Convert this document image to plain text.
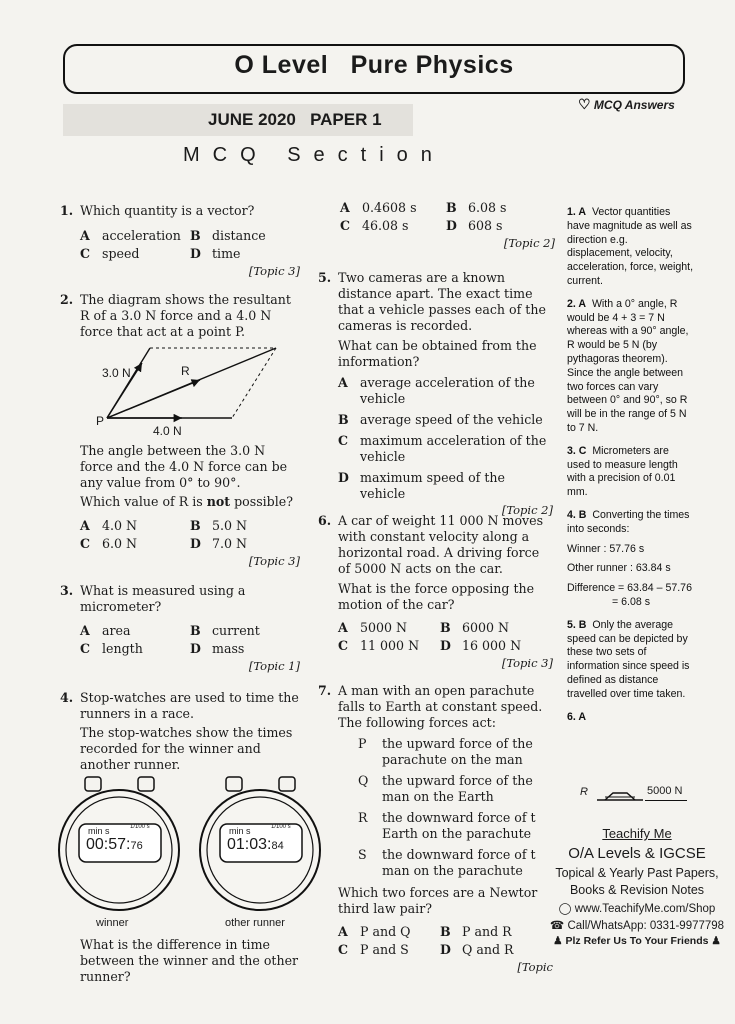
O Level Pure Physics
JUNE 2020 PAPER 1
♡ MCQ Answers
MCQ Section
1. Which quantity is a vector?
A acceleration B distance
C speed	D time
[Topic 3]
2. The diagram shows the resultant R of a 3.0 N force and a 4.0 N force that act at a point P.
3.0 N	R
P
4.0 N
The angle between the 3.0 N force and the 4.0 N force can be any value from 0° to 90°.
Which value of R is not possible?
A 4.0 N	B 5.0 N
C 6.0 N	D 7.0 N
[Topic 3]
3. What is measured using a micrometer?
A area	B current
C length	D mass
[Topic 1]
4. Stop-watches are used to time the runners in a race.
The stop-watches show the times recorded for the winner and another runner.
min s	1/100 s
00:57:76
winner
min s	1/100 s
01:03:84
other runner
What is the difference in time between the winner and the other runner?
A 0.4608 s	B 6.08 s
C 46.08 s	D 608 s
[Topic 2]
5. Two cameras are a known distance apart. The exact time that a vehicle passes each of the cameras is recorded.
What can be obtained from the information?
A average acceleration of the vehicle
B average speed of the vehicle
C maximum acceleration of the vehicle
D maximum speed of the vehicle
[Topic 2]
6. A car of weight 11 000 N moves with constant velocity along a horizontal road. A driving force of 5000 N acts on the car.
What is the force opposing the motion of the car?
A 5000 N	B 6000 N
C 11 000 N	D 16 000 N
[Topic 3]
7. A man with an open parachute falls to Earth at constant speed. The following forces act:
P	the upward force of the parachute on the man
Q	the upward force of the man on the Earth
R	the downward force of t Earth on the parachute
S	the downward force of t man on the parachute
Which two forces are a Newtor third law pair?
A P and Q	B P and R
C P and S	D Q and R
[Topic

1. A Vector quantities have magnitude as well as direction e.g. displacement, velocity, acceleration, force, weight, current.

2. A With a 0° angle, R would be 4 + 3 = 7 N whereas with a 90° angle, R would be 5 N (by pythagoras theorem). Since the angle between two forces can vary between 0° and 90°, so R will be in the range of 5 N to 7 N.

3. C Micrometers are used to measure length with a precision of 0.01 mm.

4. B Converting the times into seconds:
Winner : 57.76 s
Other runner : 63.84 s
Difference = 63.84 – 57.76
= 6.08 s

5. B Only the average speed can be depicted by these two sets of information since speed is defined as distance travelled over time taken.

6. A
R	5000 N
Teachify Me
O/A Levels & IGCSE
Topical & Yearly Past Papers,
Books & Revision Notes
◯ www.TeachifyMe.com/Shop
☎ Call/WhatsApp: 0331-9977798
♟ Plz Refer Us To Your Friends ♟
